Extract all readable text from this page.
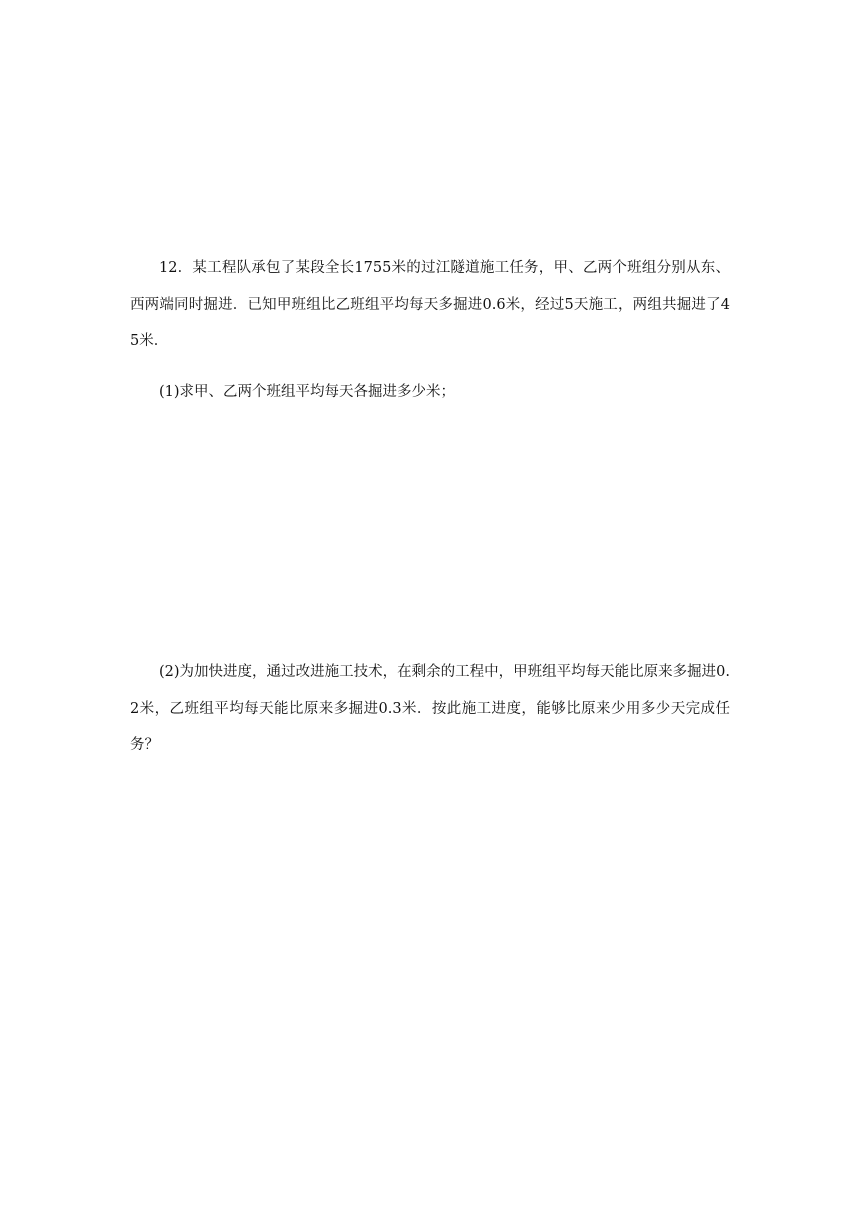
12．某工程队承包了某段全长1755米的过江隧道施工任务，甲、乙两个班组分别从东、西两端同时掘进．已知甲班组比乙班组平均每天多掘进0.6米，经过5天施工，两组共掘进了45米．
(1)求甲、乙两个班组平均每天各掘进多少米；
(2)为加快进度，通过改进施工技术，在剩余的工程中，甲班组平均每天能比原来多掘进0.2米，乙班组平均每天能比原来多掘进0.3米．按此施工进度，能够比原来少用多少天完成任务？
